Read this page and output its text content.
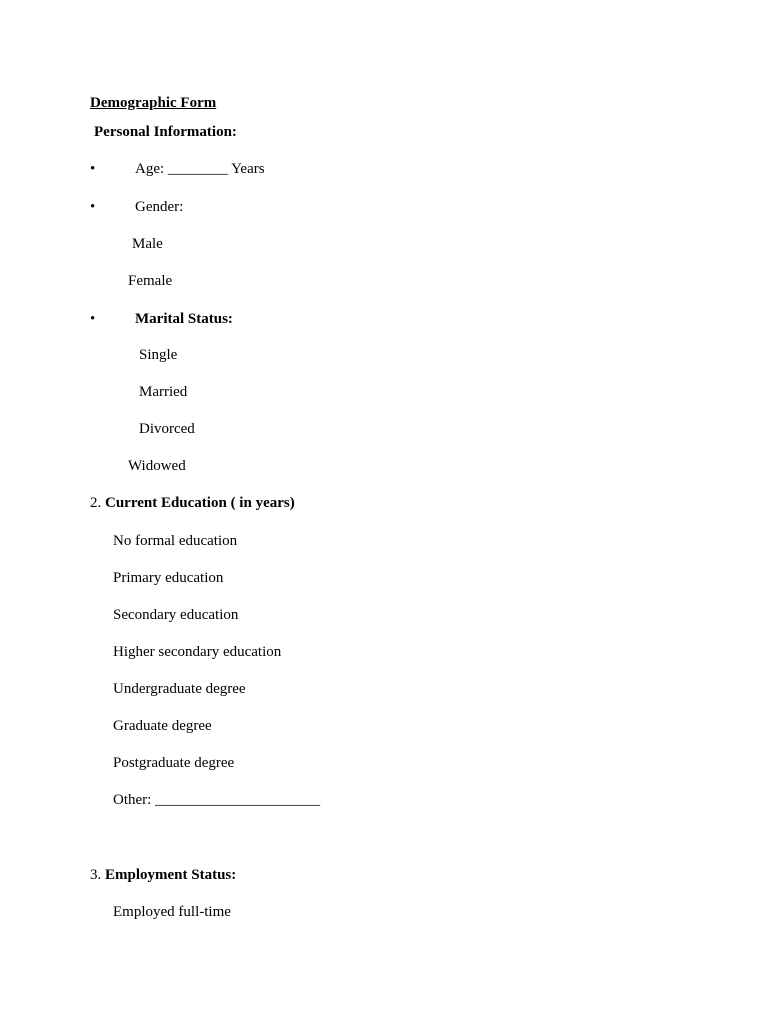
Demographic Form
Personal Information:
•	Age: ________ Years
•	Gender:
Male
Female
•	Marital Status:
Single
Married
Divorced
Widowed
2. Current Education ( in years)
No formal education
Primary education
Secondary education
Higher secondary education
Undergraduate degree
Graduate degree
Postgraduate degree
Other: ______________________
3. Employment Status:
Employed full-time
